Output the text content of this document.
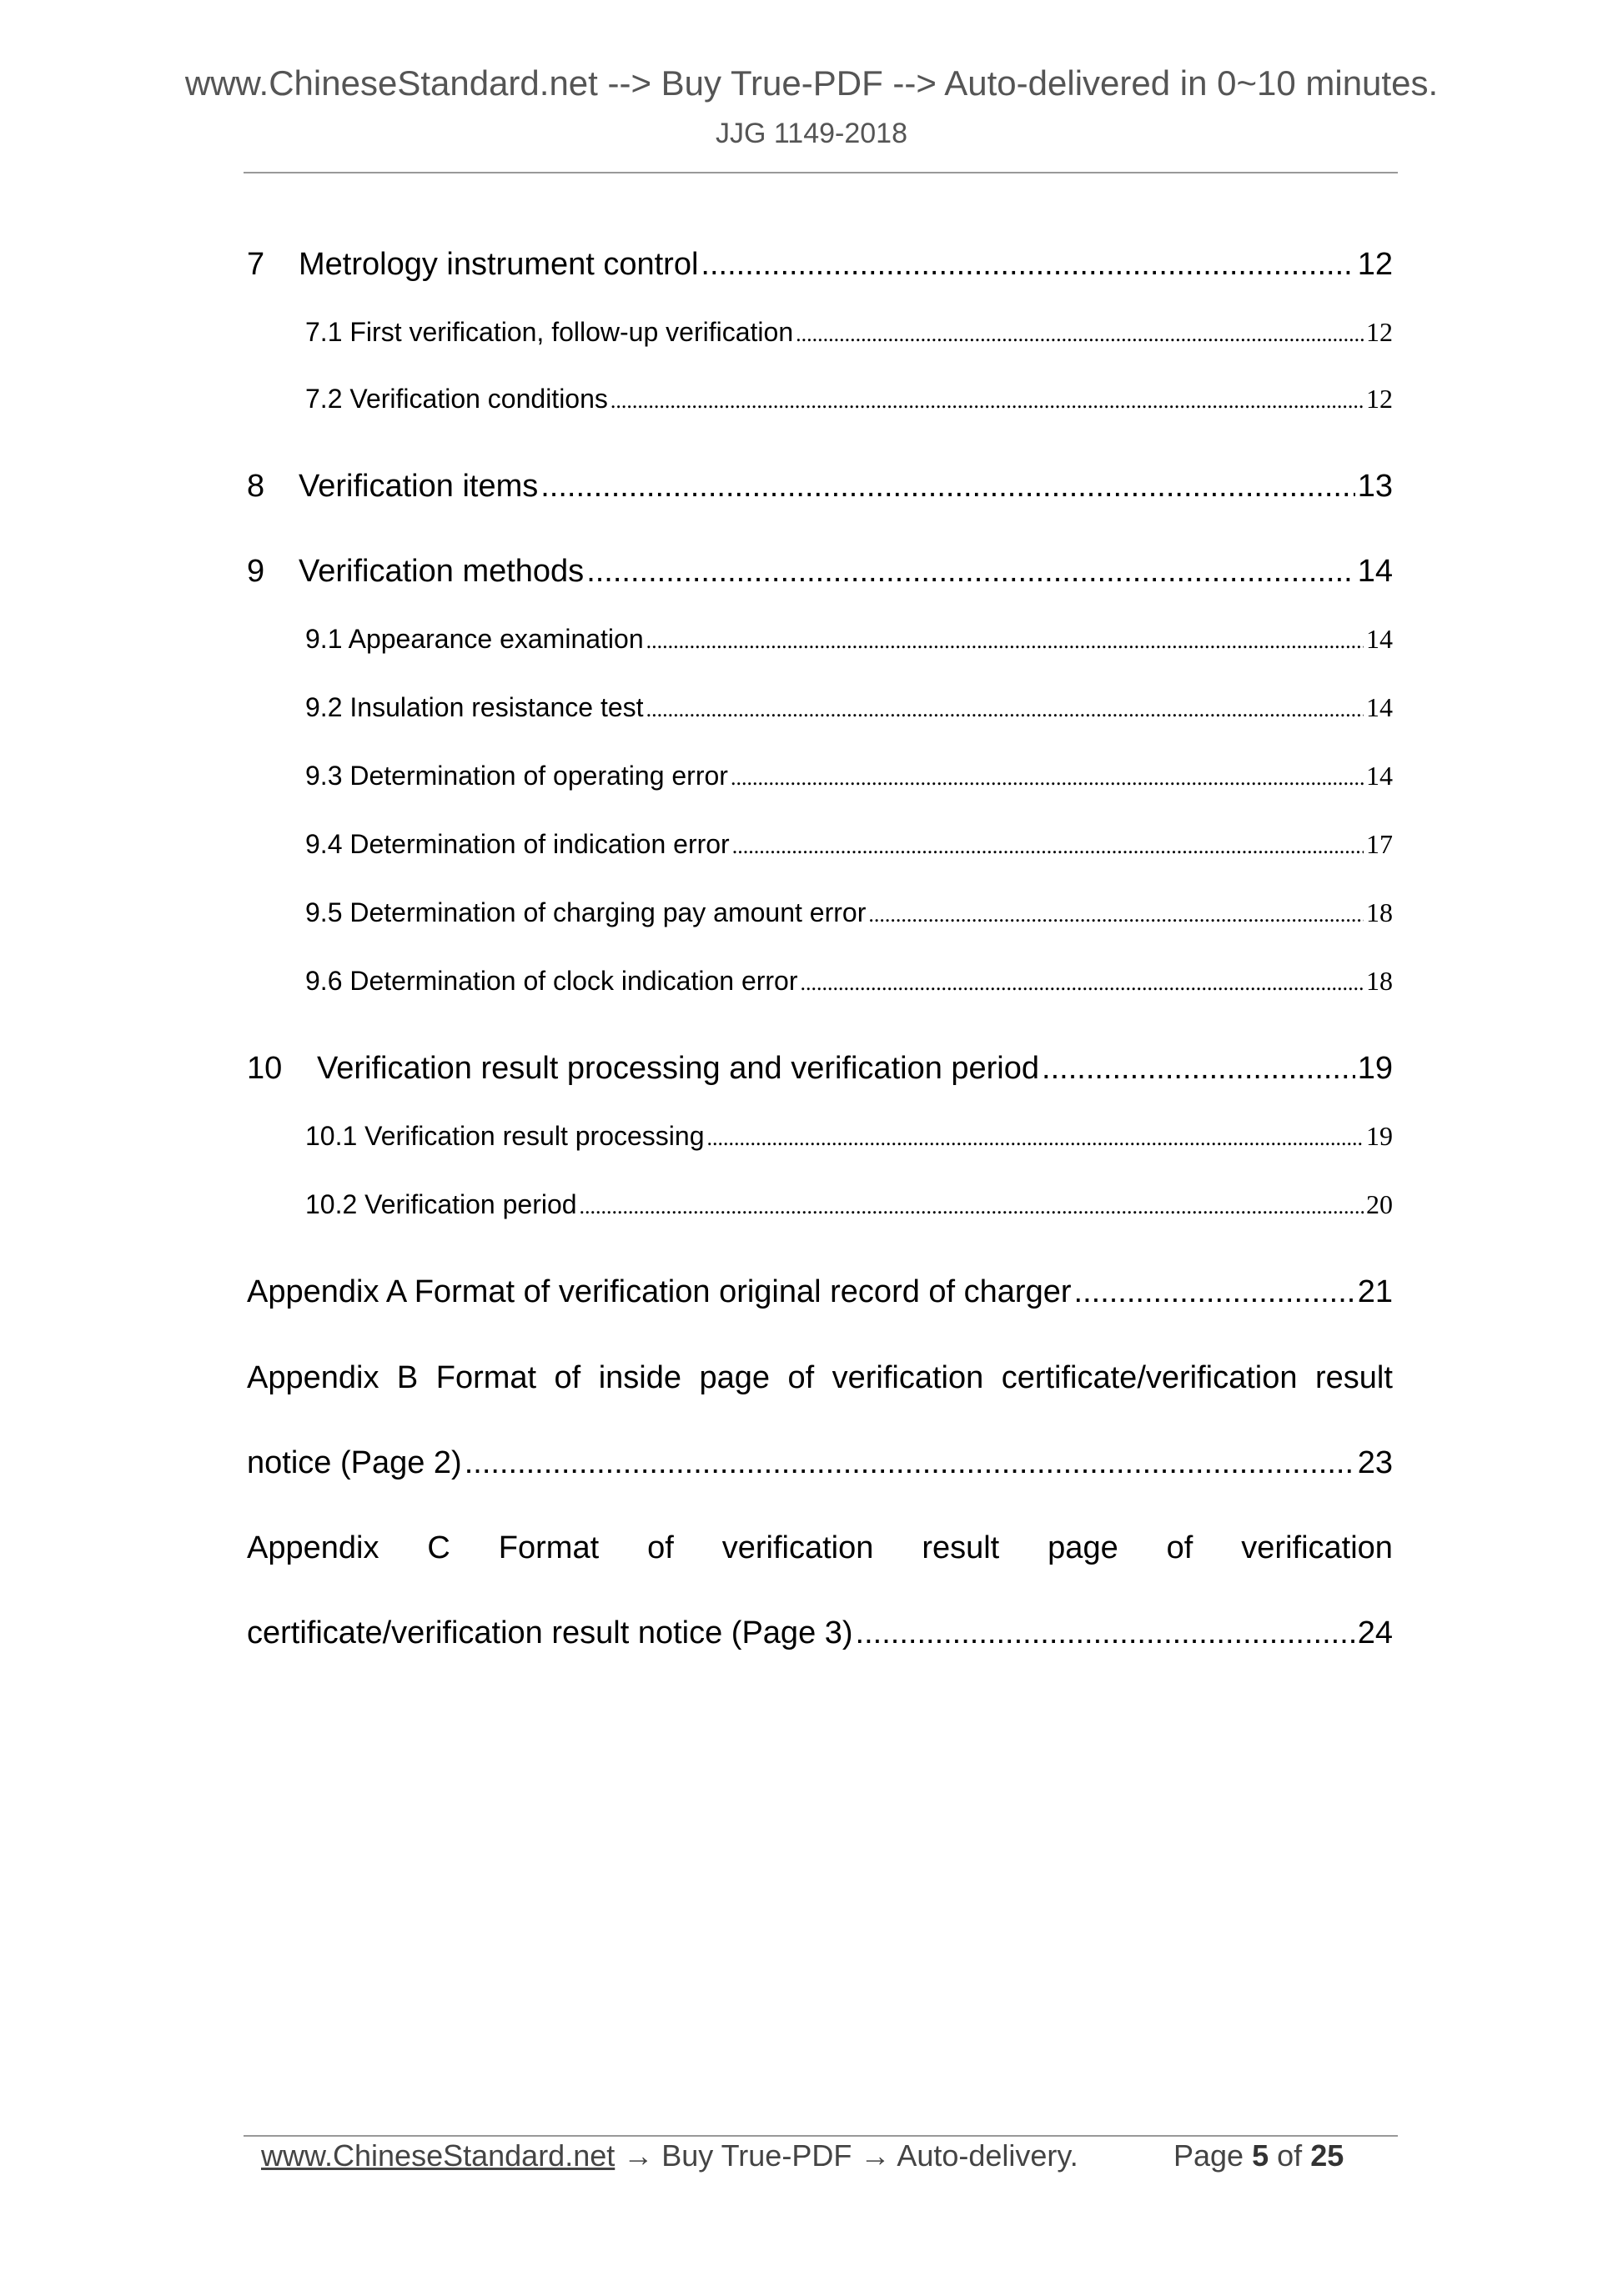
www.ChineseStandard.net --> Buy True-PDF --> Auto-delivered in 0~10 minutes.
JJG 1149-2018
7	Metrology instrument control .....	12
7.1 First verification, follow-up verification .....	12
7.2 Verification conditions .....	12
8	Verification items .....	13
9	Verification methods .....	14
9.1 Appearance examination .....	14
9.2 Insulation resistance test .....	14
9.3 Determination of operating error .....	14
9.4 Determination of indication error .....	17
9.5 Determination of charging pay amount error .....	18
9.6 Determination of clock indication error .....	18
10	Verification result processing and verification period .....	19
10.1 Verification result processing .....	19
10.2 Verification period .....	20
Appendix A Format of verification original record of charger .....	21
Appendix B Format of inside page of verification certificate/verification result
notice (Page 2) .....	23
Appendix C Format of verification result page of verification
certificate/verification result notice (Page 3) .....	24
www.ChineseStandard.net → Buy True-PDF → Auto-delivery.	Page 5 of 25
